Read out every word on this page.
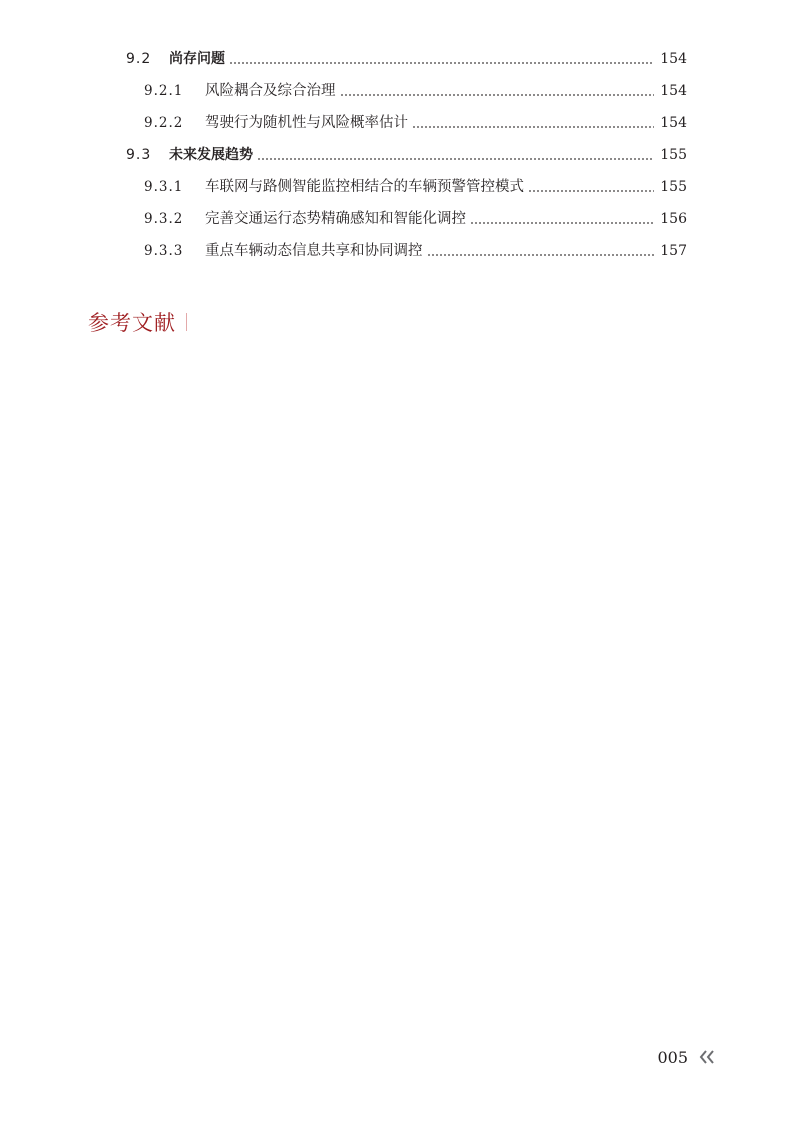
9.2	尚存问题	154
9.2.1	风险耦合及综合治理	154
9.2.2	驾驶行为随机性与风险概率估计	154
9.3	未来发展趋势	155
9.3.1	车联网与路侧智能监控相结合的车辆预警管控模式	155
9.3.2	完善交通运行态势精确感知和智能化调控	156
9.3.3	重点车辆动态信息共享和协同调控	157
参考文献
005
